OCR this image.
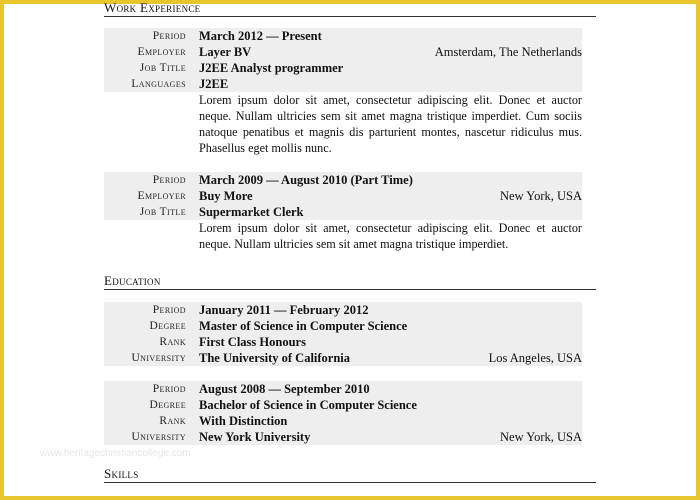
Work Experience
Period March 2012 — Present
Employer Layer BV	Amsterdam, The Netherlands
Job Title J2EE Analyst programmer
Languages J2EE
Lorem ipsum dolor sit amet, consectetur adipiscing elit. Donec et auctor neque. Nullam ultricies sem sit amet magna tristique imperdiet. Cum sociis natoque penatibus et magnis dis parturient montes, nascetur ridiculus mus. Phasellus eget mollis nunc.
Period March 2009 — August 2010 (Part Time)
Employer Buy More	New York, USA
Job Title Supermarket Clerk
Lorem ipsum dolor sit amet, consectetur adipiscing elit. Donec et auctor neque. Nullam ultricies sem sit amet magna tristique imperdiet.
Education
Period January 2011 — February 2012
Degree Master of Science in Computer Science
Rank First Class Honours
University The University of California	Los Angeles, USA
Period August 2008 — September 2010
Degree Bachelor of Science in Computer Science
Rank With Distinction
University New York University	New York, USA
www.heritagechristiancollege.com
Skills
